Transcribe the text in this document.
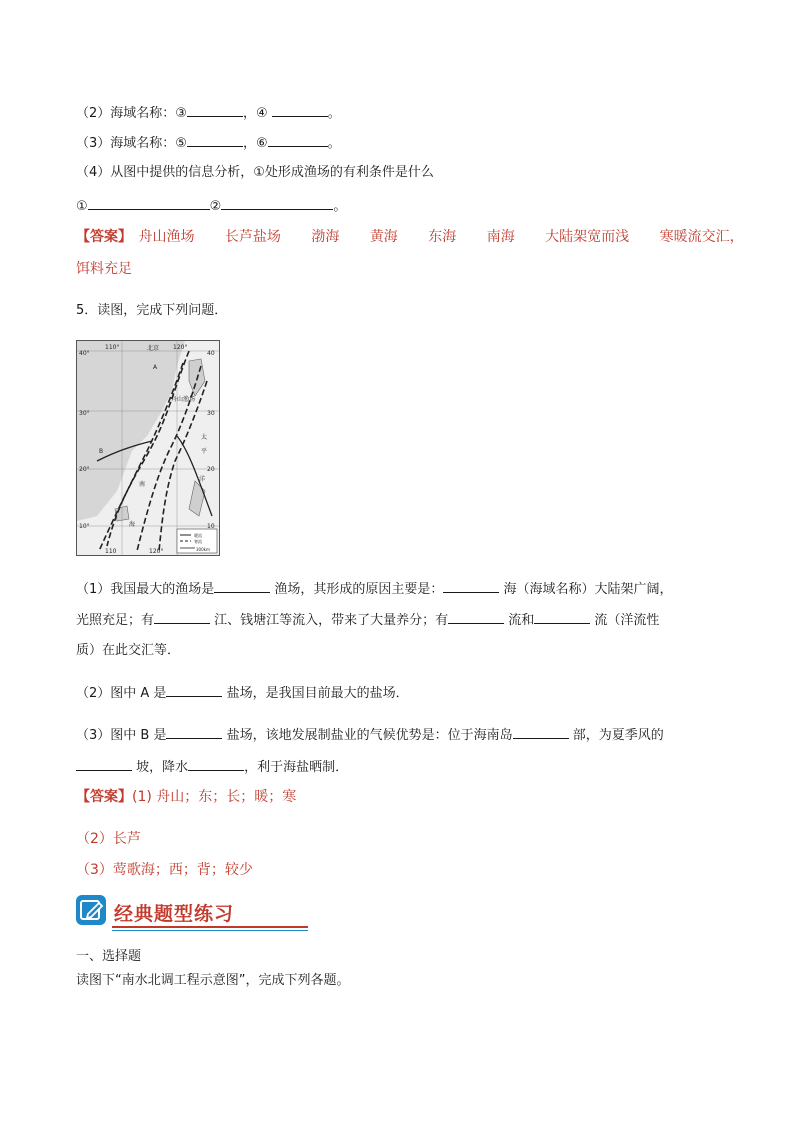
（2）海域名称：③	，④	。
（3）海域名称：⑤	，⑥	。
（4）从图中提供的信息分析，①处形成渔场的有利条件是什么
①	②	。
【答案】 舟山渔场 长芦盐场 渤海 黄海 东海 南海 大陆架宽而浅 寒暖流交汇，
饵料充足
5．读图，完成下列问题．
110°	120°
110	120°
40°
30°
20°
10°
40
30
20
10
北京
A
舟山渔场
B
南
海
太
平
洋
暖流
寒流
300km
（1）我国最大的渔场是	渔场，其形成的原因主要是：	海（海域名称）大陆架广阔，
光照充足；有	江、钱塘江等流入，带来了大量养分；有	流和	流（洋流性
质）在此交汇等．
（2）图中 A 是	盐场，是我国目前最大的盐场．
（3）图中 B 是	盐场，该地发展制盐业的气候优势是：位于海南岛	部，为夏季风的
坡，降水	，利于海盐晒制．
【答案】(1) 舟山；东；长；暖；寒
（2）长芦
（3）莺歌海；西；背；较少
经典题型练习
一、选择题
读图下“南水北调工程示意图”，完成下列各题。
